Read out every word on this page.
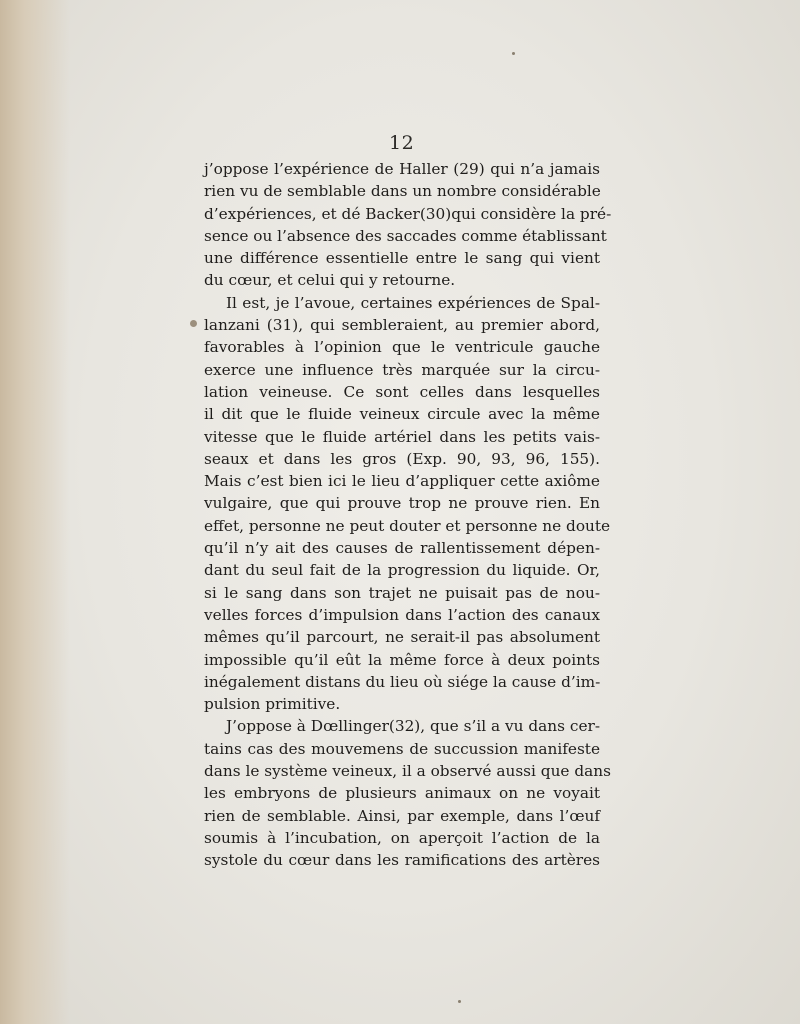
12
j’oppose l’expérience de Haller (29) qui n’a jamais
rien vu de semblable dans un nombre considérable
d’expériences, et dé Backer(30)qui considère la pré-
sence ou l’absence des saccades comme établissant
une différence essentielle entre le sang qui vient
du cœur, et celui qui y retourne.
Il est, je l’avoue, certaines expériences de Spal-
lanzani (31), qui sembleraient, au premier abord,
favorables à l’opinion que le ventricule gauche
exerce une influence très marquée sur la circu-
lation veineuse. Ce sont celles dans lesquelles
il dit que le fluide veineux circule avec la même
vitesse que le fluide artériel dans les petits vais-
seaux et dans les gros (Exp. 90, 93, 96, 155).
Mais c’est bien ici le lieu d’appliquer cette axiôme
vulgaire, que qui prouve trop ne prouve rien. En
effet, personne ne peut douter et personne ne doute
qu’il n’y ait des causes de rallentissement dépen-
dant du seul fait de la progression du liquide. Or,
si le sang dans son trajet ne puisait pas de nou-
velles forces d’impulsion dans l’action des canaux
mêmes qu’il parcourt, ne serait-il pas absolument
impossible qu’il eût la même force à deux points
inégalement distans du lieu où siége la cause d’im-
pulsion primitive.
J’oppose à Dœllinger(32), que s’il a vu dans cer-
tains cas des mouvemens de succussion manifeste
dans le système veineux, il a observé aussi que dans
les embryons de plusieurs animaux on ne voyait
rien de semblable. Ainsi, par exemple, dans l’œuf
soumis à l’incubation, on aperçoit l’action de la
systole du cœur dans les ramifications des artères
